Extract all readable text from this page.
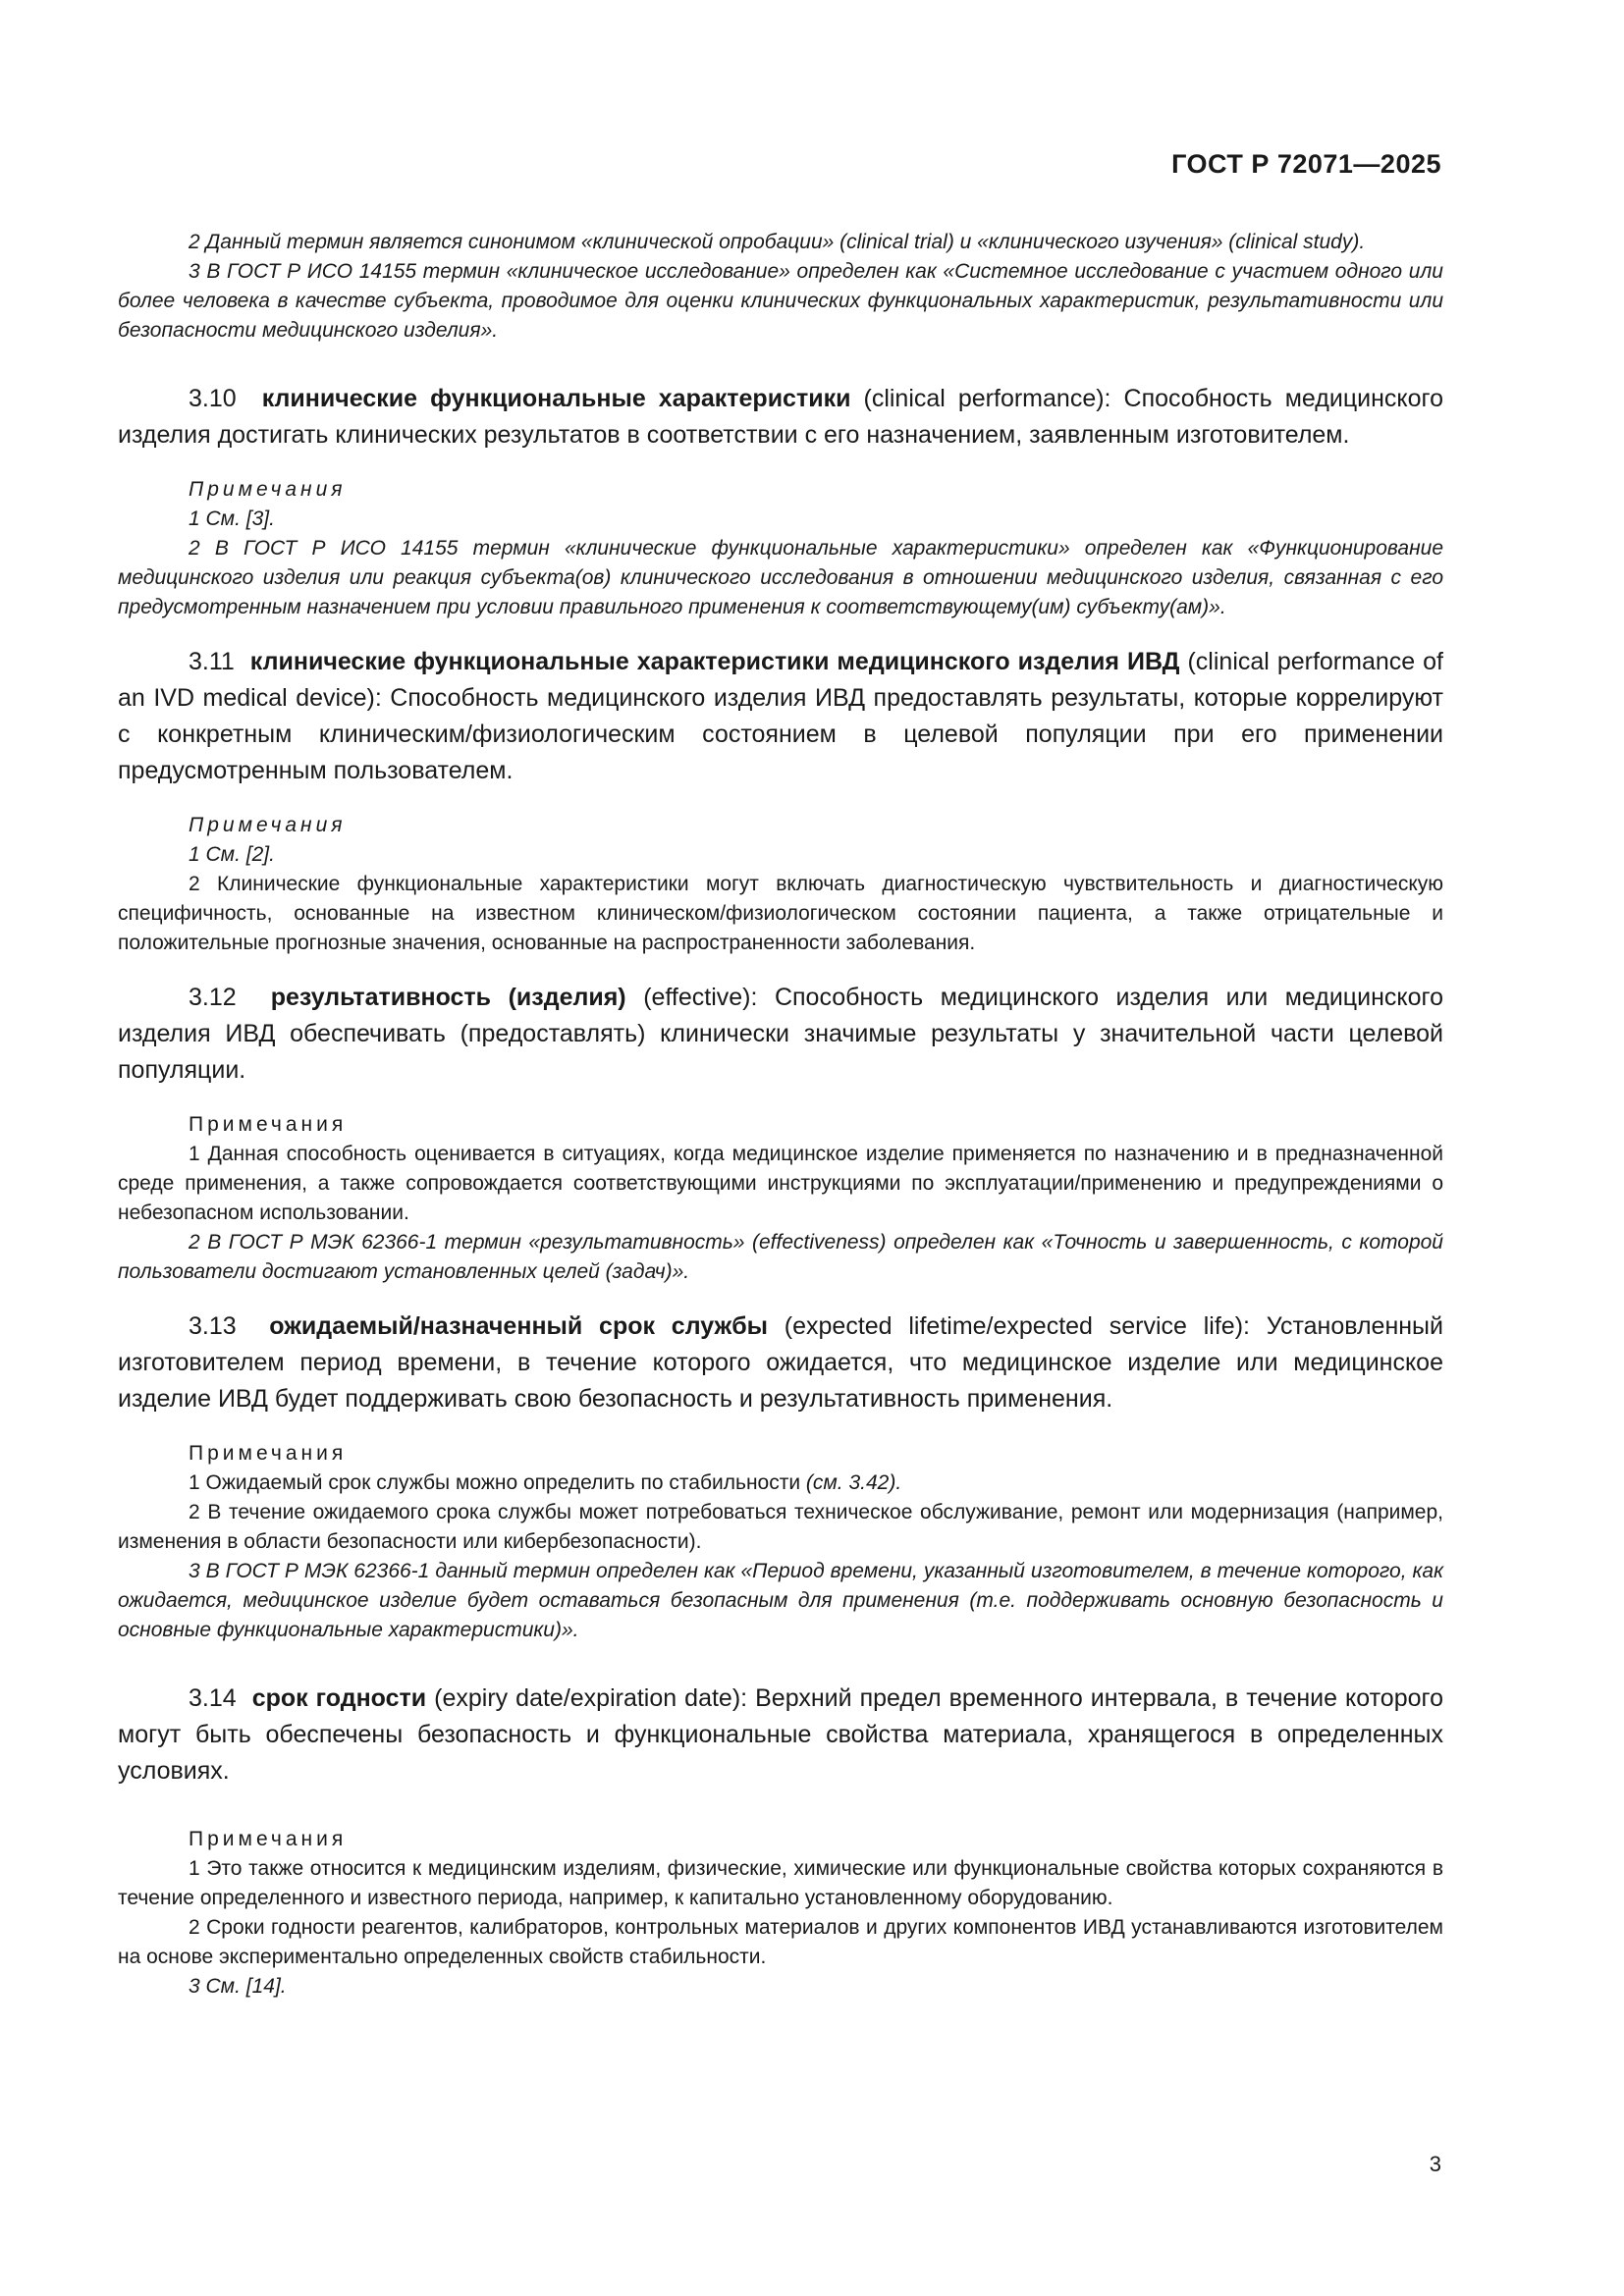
ГОСТ Р 72071—2025

2 Данный термин является синонимом «клинической опробации» (clinical trial) и «клинического изучения» (clinical study).

3 В ГОСТ Р ИСО 14155 термин «клиническое исследование» определен как «Системное исследование с участием одного или более человека в качестве субъекта, проводимое для оценки клинических функциональных характеристик, результативности или безопасности медицинского изделия».

3.10 клинические функциональные характеристики (clinical performance): Способность медицинского изделия достигать клинических результатов в соответствии с его назначением, заявленным изготовителем.

Примечания

1 См. [3].

2 В ГОСТ Р ИСО 14155 термин «клинические функциональные характеристики» определен как «Функционирование медицинского изделия или реакция субъекта(ов) клинического исследования в отношении медицинского изделия, связанная с его предусмотренным назначением при условии правильного применения к соответствующему(им) субъекту(ам)».

3.11 клинические функциональные характеристики медицинского изделия ИВД (clinical performance of an IVD medical device): Способность медицинского изделия ИВД предоставлять результаты, которые коррелируют с конкретным клиническим/физиологическим состоянием в целевой популяции при его применении предусмотренным пользователем.

Примечания

1 См. [2].

2 Клинические функциональные характеристики могут включать диагностическую чувствительность и диагностическую специфичность, основанные на известном клиническом/физиологическом состоянии пациента, а также отрицательные и положительные прогнозные значения, основанные на распространенности заболевания.

3.12 результативность (изделия) (effective): Способность медицинского изделия или медицинского изделия ИВД обеспечивать (предоставлять) клинически значимые результаты у значительной части целевой популяции.

Примечания

1 Данная способность оценивается в ситуациях, когда медицинское изделие применяется по назначению и в предназначенной среде применения, а также сопровождается соответствующими инструкциями по эксплуатации/применению и предупреждениями о небезопасном использовании.

2 В ГОСТ Р МЭК 62366-1 термин «результативность» (effectiveness) определен как «Точность и завершенность, с которой пользователи достигают установленных целей (задач)».

3.13 ожидаемый/назначенный срок службы (expected lifetime/expected service life): Установленный изготовителем период времени, в течение которого ожидается, что медицинское изделие или медицинское изделие ИВД будет поддерживать свою безопасность и результативность применения.

Примечания

1 Ожидаемый срок службы можно определить по стабильности (см. 3.42).

2 В течение ожидаемого срока службы может потребоваться техническое обслуживание, ремонт или модернизация (например, изменения в области безопасности или кибербезопасности).

3 В ГОСТ Р МЭК 62366-1 данный термин определен как «Период времени, указанный изготовителем, в течение которого, как ожидается, медицинское изделие будет оставаться безопасным для применения (т.е. поддерживать основную безопасность и основные функциональные характеристики)».

3.14 срок годности (expiry date/expiration date): Верхний предел временного интервала, в течение которого могут быть обеспечены безопасность и функциональные свойства материала, хранящегося в определенных условиях.

Примечания

1 Это также относится к медицинским изделиям, физические, химические или функциональные свойства которых сохраняются в течение определенного и известного периода, например, к капитально установленному оборудованию.

2 Сроки годности реагентов, калибраторов, контрольных материалов и других компонентов ИВД устанавливаются изготовителем на основе экспериментально определенных свойств стабильности.

3 См. [14].

3
